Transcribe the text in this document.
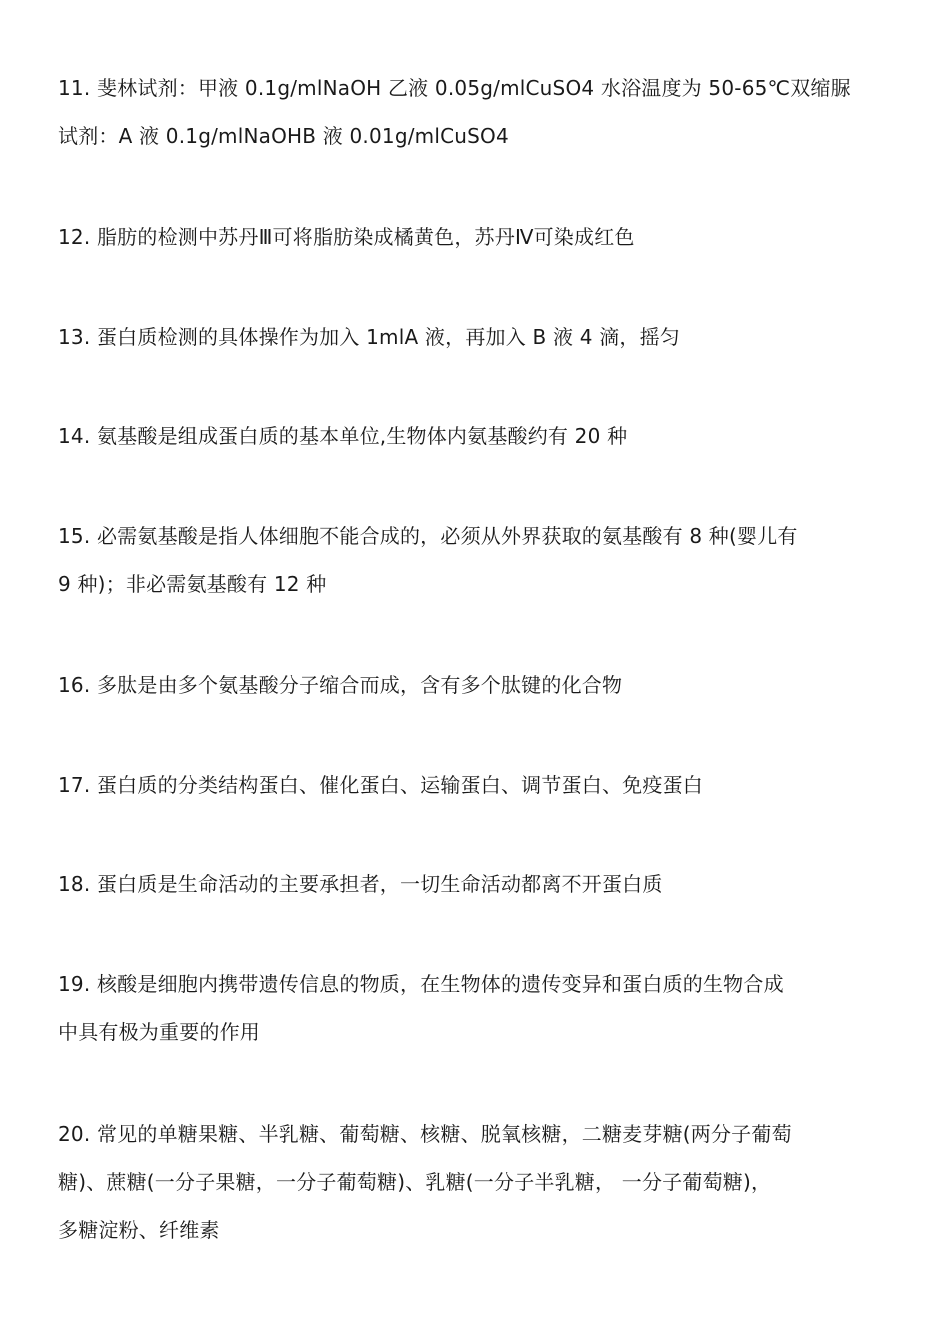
11. 斐林试剂：甲液 0.1g/mlNaOH 乙液 0.05g/mlCuSO4 水浴温度为 50-65℃双缩脲
试剂：A 液 0.1g/mlNaOHB 液 0.01g/mlCuSO4

12. 脂肪的检测中苏丹Ⅲ可将脂肪染成橘黄色，苏丹Ⅳ可染成红色

13. 蛋白质检测的具体操作为加入 1mlA 液，再加入 B 液 4 滴，摇匀

14. 氨基酸是组成蛋白质的基本单位,生物体内氨基酸约有 20 种

15. 必需氨基酸是指人体细胞不能合成的，必须从外界获取的氨基酸有 8 种(婴儿有
9 种)；非必需氨基酸有 12 种

16. 多肽是由多个氨基酸分子缩合而成，含有多个肽键的化合物

17. 蛋白质的分类结构蛋白、催化蛋白、运输蛋白、调节蛋白、免疫蛋白

18. 蛋白质是生命活动的主要承担者，一切生命活动都离不开蛋白质

19. 核酸是细胞内携带遗传信息的物质，在生物体的遗传变异和蛋白质的生物合成
中具有极为重要的作用

20. 常见的单糖果糖、半乳糖、葡萄糖、核糖、脱氧核糖，二糖麦芽糖(两分子葡萄
糖)、蔗糖(一分子果糖，一分子葡萄糖)、乳糖(一分子半乳糖， 一分子葡萄糖)，
多糖淀粉、纤维素
